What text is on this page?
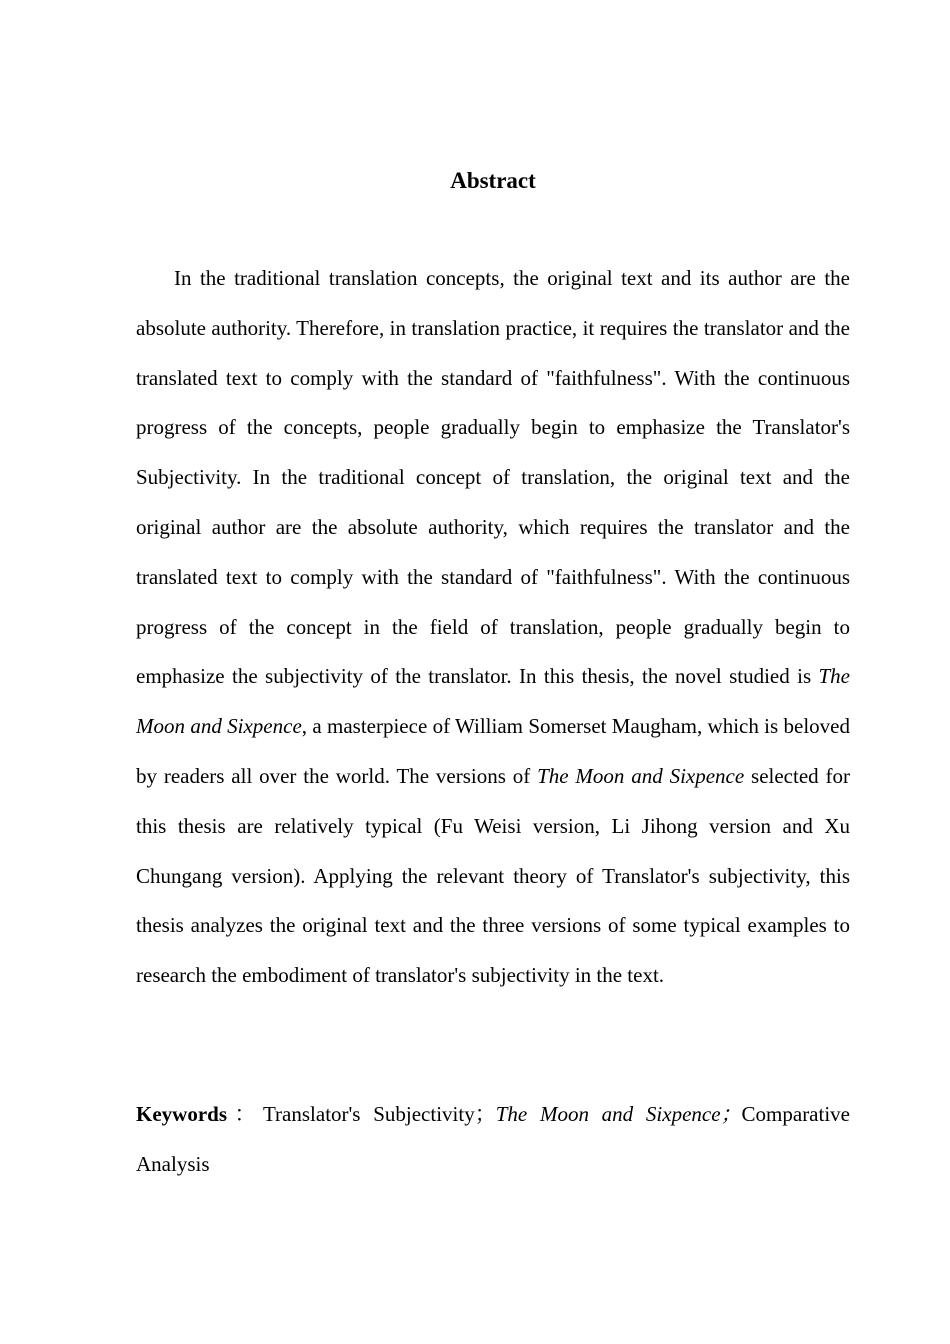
Abstract

In the traditional translation concepts, the original text and its author are the absolute authority. Therefore, in translation practice, it requires the translator and the translated text to comply with the standard of "faithfulness". With the continuous progress of the concepts, people gradually begin to emphasize the Translator's Subjectivity. In the traditional concept of translation, the original text and the original author are the absolute authority, which requires the translator and the translated text to comply with the standard of "faithfulness". With the continuous progress of the concept in the field of translation, people gradually begin to emphasize the subjectivity of the translator. In this thesis, the novel studied is The Moon and Sixpence, a masterpiece of William Somerset Maugham, which is beloved by readers all over the world. The versions of The Moon and Sixpence selected for this thesis are relatively typical (Fu Weisi version, Li Jihong version and Xu Chungang version). Applying the relevant theory of Translator's subjectivity, this thesis analyzes the original text and the three versions of some typical examples to research the embodiment of translator's subjectivity in the text.

Keywords：Translator's Subjectivity；The Moon and Sixpence；Comparative Analysis
